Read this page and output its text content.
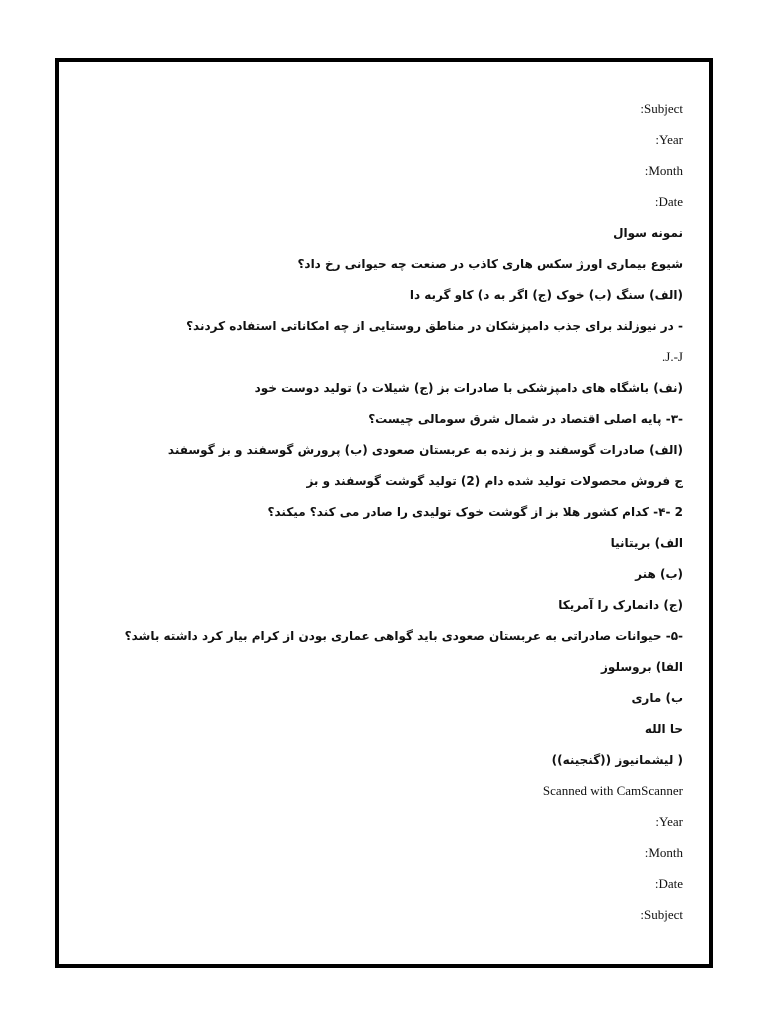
:Subject
:Year
:Month
:Date
نمونه سوال
شیوع بیماری اورژ سکس هاری کاذب در صنعت چه حیوانی رخ داد؟
(الف) سنگ (ب) خوک (ج) اگر به د) کاو گربه دا
- در نیوزلند برای جذب دامپزشکان در مناطق روستایی از چه امکاناتی استفاده کردند؟
.J.-J
(نف) باشگاه های دامپزشکی با صادرات بز (ج) شیلات د) تولید دوست خود
-۳- پایه اصلی اقتصاد در شمال شرق سومالی چیست؟
(الف) صادرات گوسفند و بز زنده به عربستان صعودی (ب) پرورش گوسفند و بز گوسفند
ج فروش محصولات تولید شده دام (2) تولید گوشت گوسفند و بز
2 -۴- کدام کشور هلا بز از گوشت خوک تولیدی را صادر می کند؟ میکند؟
الف) بریتانیا
(ب) هنر
(ج) دانمارک را آمریکا
-۵- حیوانات صادراتی به عربستان صعودی باید گواهی عماری بودن از کرام بیار کرد داشته باشد؟
الفا) بروسلوز
ب) ماری
حا الله
( لیشمانیوز ((گنجینه))
Scanned with CamScanner
:Year
:Month
:Date
:Subject
